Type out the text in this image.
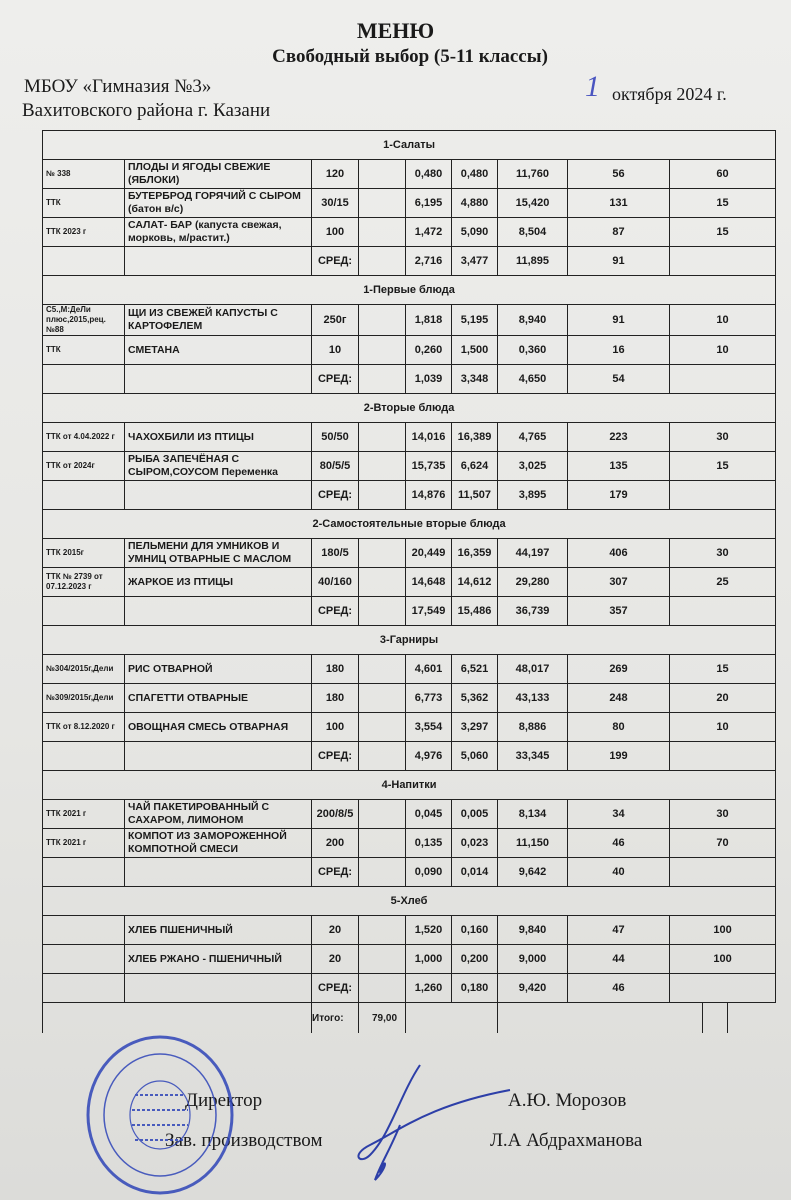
МЕНЮ
Свободный выбор (5-11 классы)
МБОУ «Гимназия №3»
Вахитовского района г. Казани
1 октября 2024 г.
1-Салаты								
№ 338	ПЛОДЫ И ЯГОДЫ СВЕЖИЕ (ЯБЛОКИ)	120		0,480	0,480	11,760	56	60
ТТК	БУТЕРБРОД ГОРЯЧИЙ С СЫРОМ (батон в/с)	30/15		6,195	4,880	15,420	131	15
ТТК 2023 г	САЛАТ- БАР (капуста свежая, морковь, м/растит.)	100		1,472	5,090	8,504	87	15
		СРЕД:		2,716	3,477	11,895	91	
1-Первые блюда								
С5.,М:ДеЛи плюс,2015,рец.№88	ЩИ ИЗ СВЕЖЕЙ КАПУСТЫ С КАРТОФЕЛЕМ	250г		1,818	5,195	8,940	91	10
ТТК	СМЕТАНА	10		0,260	1,500	0,360	16	10
		СРЕД:		1,039	3,348	4,650	54	
2-Вторые блюда								
ТТК от 4.04.2022 г	ЧАХОХБИЛИ ИЗ ПТИЦЫ	50/50		14,016	16,389	4,765	223	30
ТТК от 2024г	РЫБА ЗАПЕЧЁНАЯ С СЫРОМ,СОУСОМ Переменка	80/5/5		15,735	6,624	3,025	135	15
		СРЕД:		14,876	11,507	3,895	179	
2-Самостоятельные вторые блюда								
ТТК 2015г	ПЕЛЬМЕНИ ДЛЯ УМНИКОВ И УМНИЦ ОТВАРНЫЕ С МАСЛОМ	180/5		20,449	16,359	44,197	406	30
ТТК № 2739 от 07.12.2023 г	ЖАРКОЕ ИЗ ПТИЦЫ	40/160		14,648	14,612	29,280	307	25
		СРЕД:		17,549	15,486	36,739	357	
3-Гарниры								
№304/2015г,Дели	РИС ОТВАРНОЙ	180		4,601	6,521	48,017	269	15
№309/2015г,Дели	СПАГЕТТИ ОТВАРНЫЕ	180		6,773	5,362	43,133	248	20
ТТК от 8.12.2020 г	ОВОЩНАЯ СМЕСЬ ОТВАРНАЯ	100		3,554	3,297	8,886	80	10
		СРЕД:		4,976	5,060	33,345	199	
4-Напитки								
ТТК 2021 г	ЧАЙ ПАКЕТИРОВАННЫЙ С САХАРОМ, ЛИМОНОМ	200/8/5		0,045	0,005	8,134	34	30
ТТК 2021 г	КОМПОТ ИЗ ЗАМОРОЖЕННОЙ КОМПОТНОЙ СМЕСИ	200		0,135	0,023	11,150	46	70
		СРЕД:		0,090	0,014	9,642	40	
5-Хлеб								
	ХЛЕБ ПШЕНИЧНЫЙ	20		1,520	0,160	9,840	47	100
	ХЛЕБ РЖАНО - ПШЕНИЧНЫЙ	20		1,000	0,200	9,000	44	100
		СРЕД:		1,260	0,180	9,420	46	
Итого:	79,00
Директор	А.Ю. Морозов
Зав. производством	Л.А Абдрахманова
